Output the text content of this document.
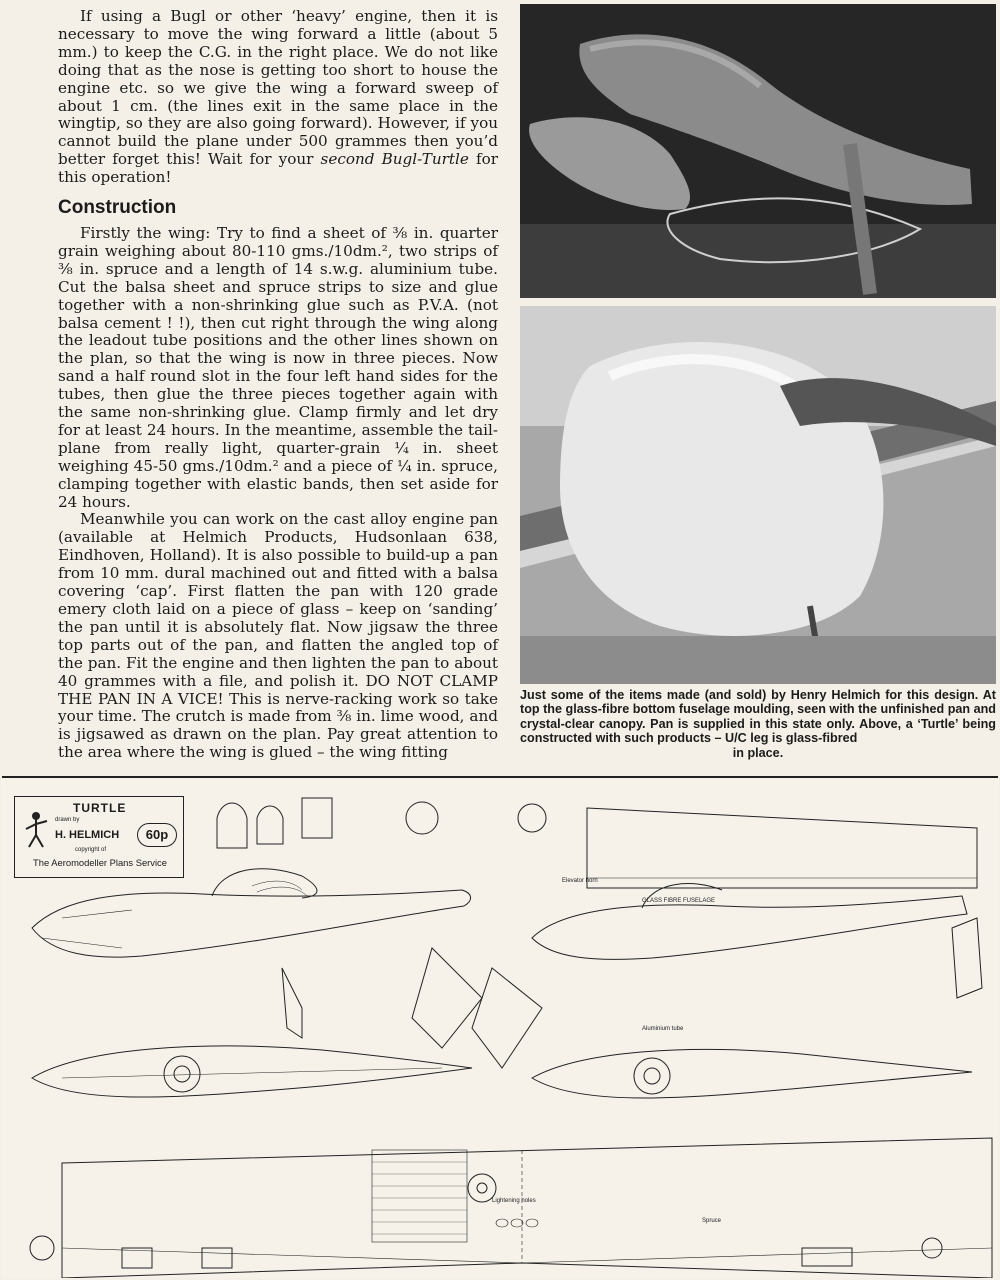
If using a Bugl or other ‘heavy’ engine, then it is necessary to move the wing forward a little (about 5 mm.) to keep the C.G. in the right place. We do not like doing that as the nose is getting too short to house the engine etc. so we give the wing a forward sweep of about 1 cm. (the lines exit in the same place in the wingtip, so they are also going forward). However, if you cannot build the plane under 500 grammes then you’d better forget this! Wait for your second Bugl-Turtle for this operation!

Construction

Firstly the wing: Try to find a sheet of ⅜ in. quarter grain weighing about 80-110 gms./10dm.², two strips of ⅜ in. spruce and a length of 14 s.w.g. aluminium tube. Cut the balsa sheet and spruce strips to size and glue together with a non-shrinking glue such as P.V.A. (not balsa cement ! !), then cut right through the wing along the leadout tube positions and the other lines shown on the plan, so that the wing is now in three pieces. Now sand a half round slot in the four left hand sides for the tubes, then glue the three pieces together again with the same non-shrinking glue. Clamp firmly and let dry for at least 24 hours. In the meantime, assemble the tail-plane from really light, quarter-grain ¼ in. sheet weighing 45-50 gms./10dm.² and a piece of ¼ in. spruce, clamping together with elastic bands, then set aside for 24 hours.

Meanwhile you can work on the cast alloy engine pan (available at Helmich Products, Hudsonlaan 638, Eindhoven, Holland). It is also possible to build-up a pan from 10 mm. dural machined out and fitted with a balsa covering ‘cap’. First flatten the pan with 120 grade emery cloth laid on a piece of glass – keep on ‘sanding’ the pan until it is absolutely flat. Now jigsaw the three top parts out of the pan, and flatten the angled top of the pan. Fit the engine and then lighten the pan to about 40 grammes with a file, and polish it. DO NOT CLAMP THE PAN IN A VICE! This is nerve-racking work so take your time. The crutch is made from ⅜ in. lime wood, and is jigsawed as drawn on the plan. Pay great attention to the area where the wing is glued – the wing fitting

Just some of the items made (and sold) by Henry Helmich for this design. At top the glass-fibre bottom fuselage moulding, seen with the unfinished pan and crystal-clear canopy. Pan is supplied in this state only. Above, a ‘Turtle’ being constructed with such products – U/C leg is glass-fibred
in place.
TURTLE
drawn by
H. HELMICH
copyright of
60p
The Aeromodeller Plans Service
GLASS FIBRE FUSELAGE
Aluminium tube
Lightening holes
Spruce
Elevator horn
